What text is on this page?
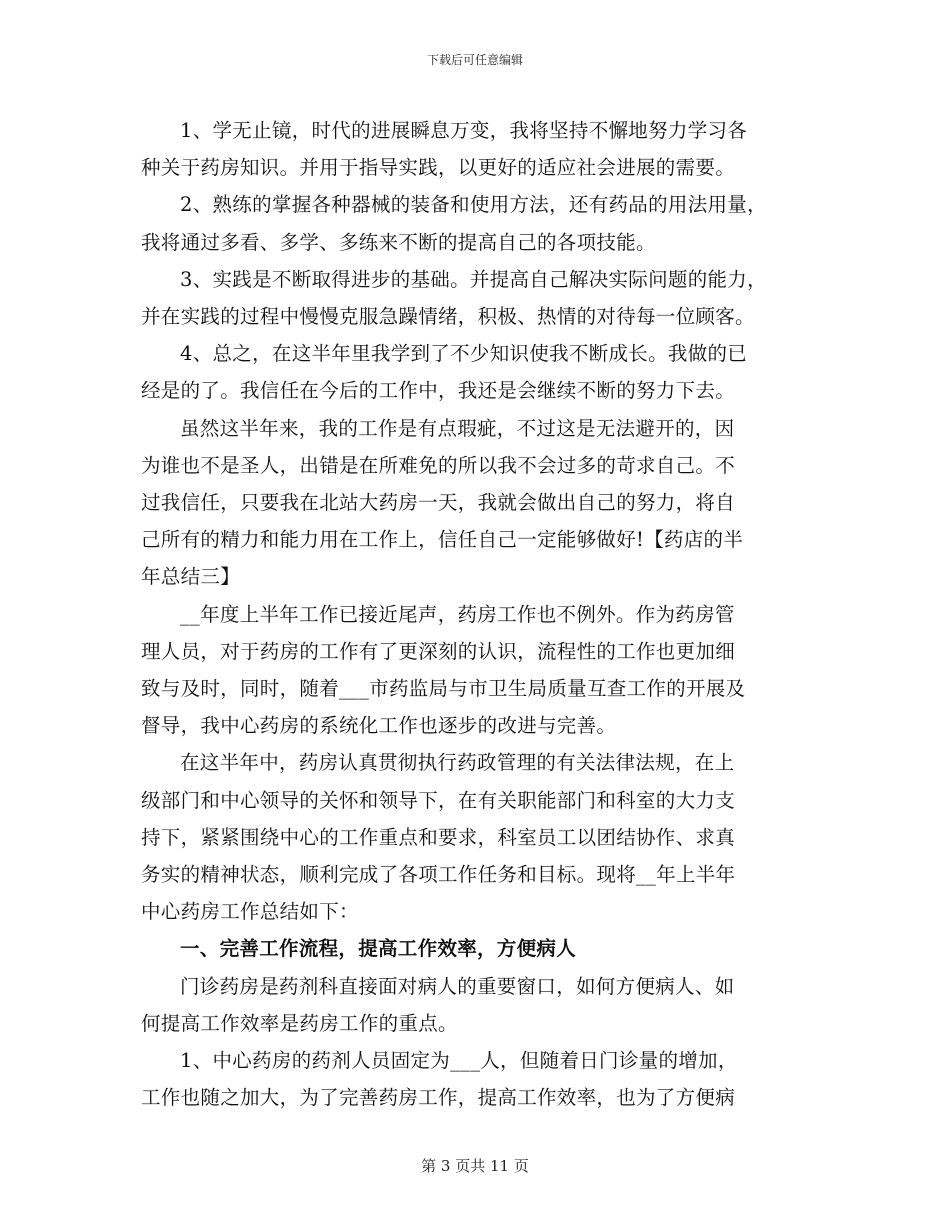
下载后可任意编辑
1、学无止镜，时代的进展瞬息万变，我将坚持不懈地努力学习各
种关于药房知识。并用于指导实践，以更好的适应社会进展的需要。
2、熟练的掌握各种器械的装备和使用方法，还有药品的用法用量，
我将通过多看、多学、多练来不断的提高自己的各项技能。
3、实践是不断取得进步的基础。并提高自己解决实际问题的能力，
并在实践的过程中慢慢克服急躁情绪，积极、热情的对待每一位顾客。
4、总之，在这半年里我学到了不少知识使我不断成长。我做的已
经是的了。我信任在今后的工作中，我还是会继续不断的努力下去。
虽然这半年来，我的工作是有点瑕疵，不过这是无法避开的，因
为谁也不是圣人，出错是在所难免的所以我不会过多的苛求自己。不
过我信任，只要我在北站大药房一天，我就会做出自己的努力，将自
己所有的精力和能力用在工作上，信任自己一定能够做好!【药店的半
年总结三】
__年度上半年工作已接近尾声，药房工作也不例外。作为药房管
理人员，对于药房的工作有了更深刻的认识，流程性的工作也更加细
致与及时，同时，随着___市药监局与市卫生局质量互查工作的开展及
督导，我中心药房的系统化工作也逐步的改进与完善。
在这半年中，药房认真贯彻执行药政管理的有关法律法规，在上
级部门和中心领导的关怀和领导下，在有关职能部门和科室的大力支
持下，紧紧围绕中心的工作重点和要求，科室员工以团结协作、求真
务实的精神状态，顺利完成了各项工作任务和目标。现将__年上半年
中心药房工作总结如下：
一、完善工作流程，提高工作效率，方便病人
门诊药房是药剂科直接面对病人的重要窗口，如何方便病人、如
何提高工作效率是药房工作的重点。
1、中心药房的药剂人员固定为___人，但随着日门诊量的增加，
工作也随之加大，为了完善药房工作，提高工作效率，也为了方便病
第 3 页共 11 页
